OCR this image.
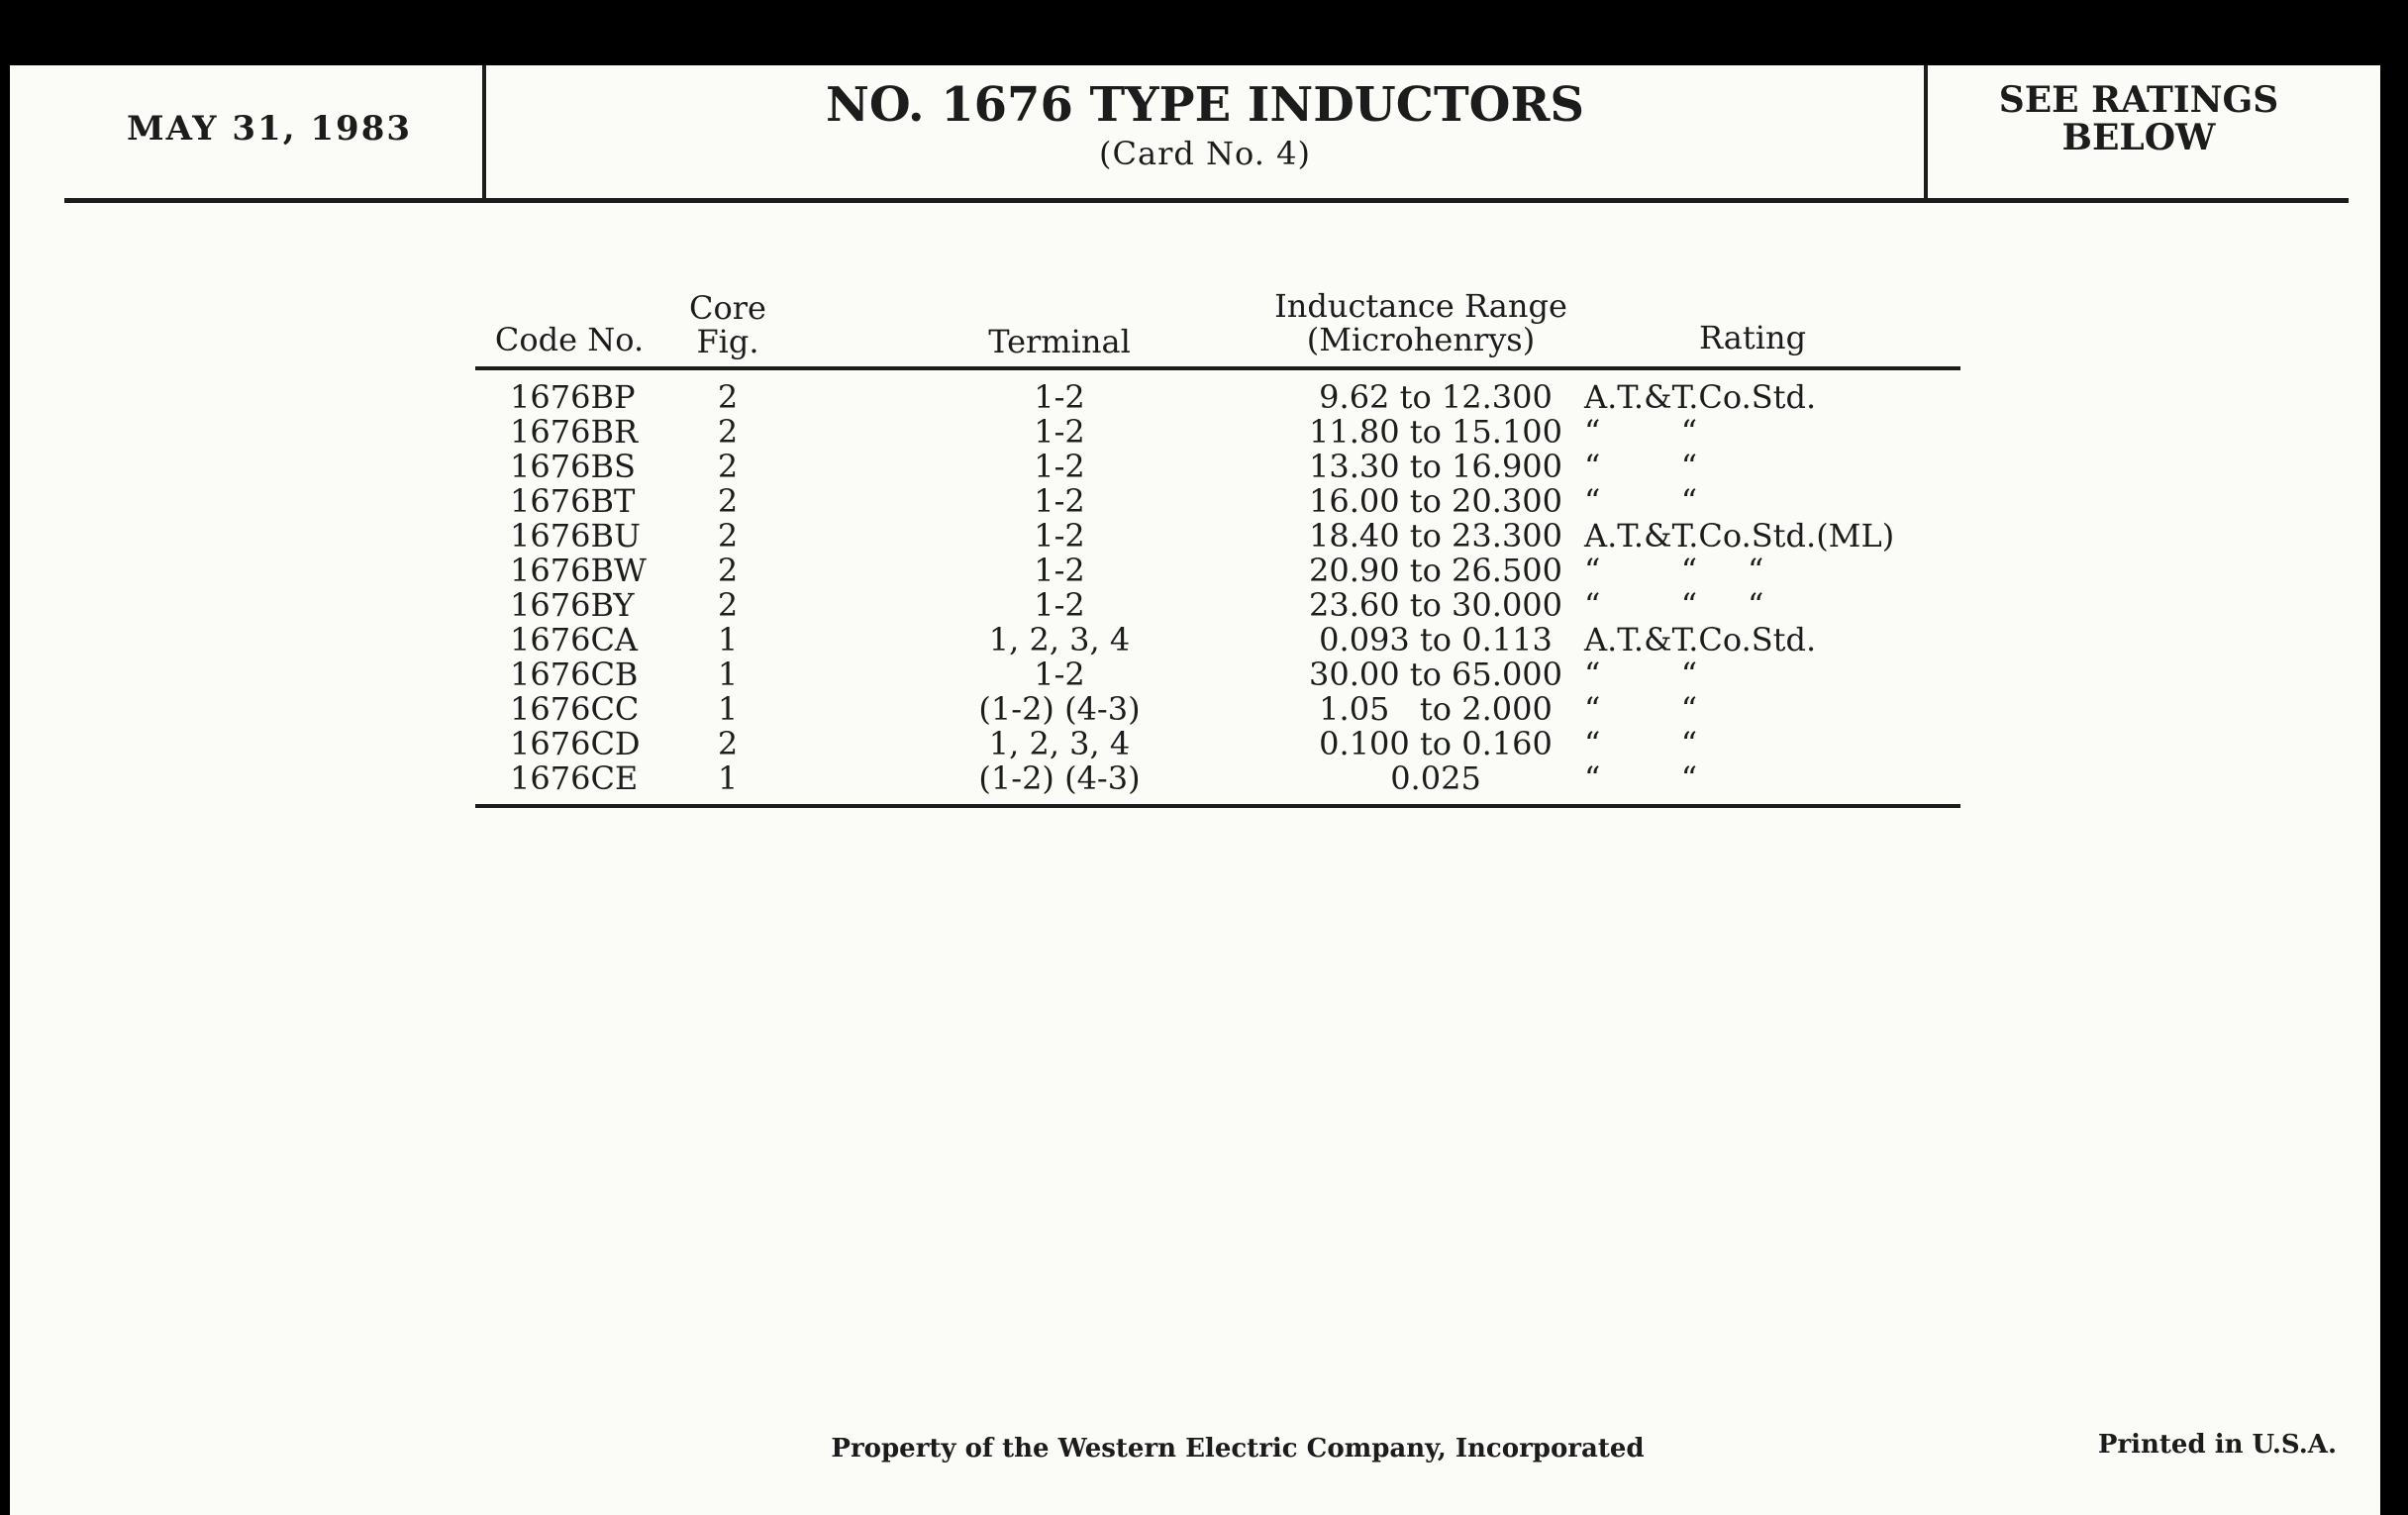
MAY 31, 1983	NO. 1676 TYPE INDUCTORS
(Card No. 4)
SEE RATINGS
BELOW
Code No.
Core
Fig.	Terminal
Inductance Range
(Microhenrys)	Rating
1676BP	2	1-2	9.62 to 12.300	A.T.&T.Co.Std.
1676BR	2	1-2	11.80 to 15.100 “        “
1676BS	2	1-2	13.30 to 16.900 “        “
1676BT	2	1-2	16.00 to 20.300 “        “
1676BU	2	1-2	18.40 to 23.300 A.T.&T.Co.Std.(ML)
1676BW	2	1-2	20.90 to 26.500 “        “     “
1676BY	2	1-2	23.60 to 30.000 “        “     “
1676CA	1	1, 2, 3, 4	0.093 to 0.113	A.T.&T.Co.Std.
1676CB	1	1-2	30.00 to 65.000 “        “
1676CC	1	(1-2) (4-3)	1.05   to 2.000	“        “
1676CD	2	1, 2, 3, 4	0.100 to 0.160	“        “
1676CE	1	(1-2) (4-3)	0.025	“        “
Property of the Western Electric Company, Incorporated	Printed in U.S.A.
